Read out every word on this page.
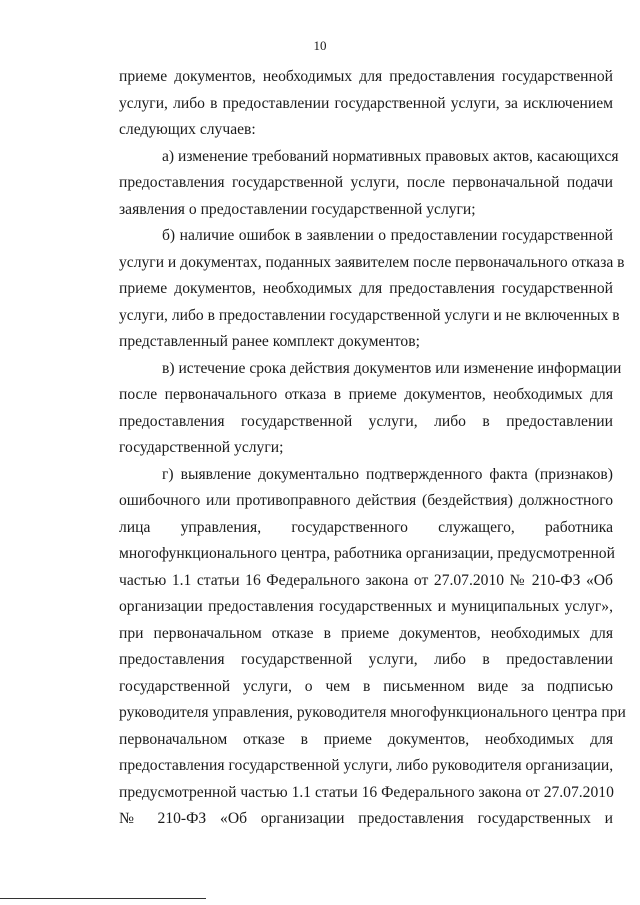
10
приеме документов, необходимых для предоставления государственной
услуги, либо в предоставлении государственной услуги, за исключением
следующих случаев:
а) изменение требований нормативных правовых актов, касающихся
предоставления государственной услуги, после первоначальной подачи
заявления о предоставлении государственной услуги;
б) наличие ошибок в заявлении о предоставлении государственной
услуги и документах, поданных заявителем после первоначального отказа в
приеме документов, необходимых для предоставления государственной
услуги, либо в предоставлении государственной услуги и не включенных в
представленный ранее комплект документов;
в) истечение срока действия документов или изменение информации
после первоначального отказа в приеме документов, необходимых для
предоставления государственной услуги, либо в предоставлении
государственной услуги;
г) выявление документально подтвержденного факта (признаков)
ошибочного или противоправного действия (бездействия) должностного
лица управления, государственного служащего, работника
многофункционального центра, работника организации, предусмотренной
частью 1.1 статьи 16 Федерального закона от 27.07.2010 № 210-ФЗ «Об
организации предоставления государственных и муниципальных услуг»,
при первоначальном отказе в приеме документов, необходимых для
предоставления государственной услуги, либо в предоставлении
государственной услуги, о чем в письменном виде за подписью
руководителя управления, руководителя многофункционального центра при
первоначальном отказе в приеме документов, необходимых для
предоставления государственной услуги, либо руководителя организации,
предусмотренной частью 1.1 статьи 16 Федерального закона от 27.07.2010
№ 210-ФЗ «Об организации предоставления государственных и
